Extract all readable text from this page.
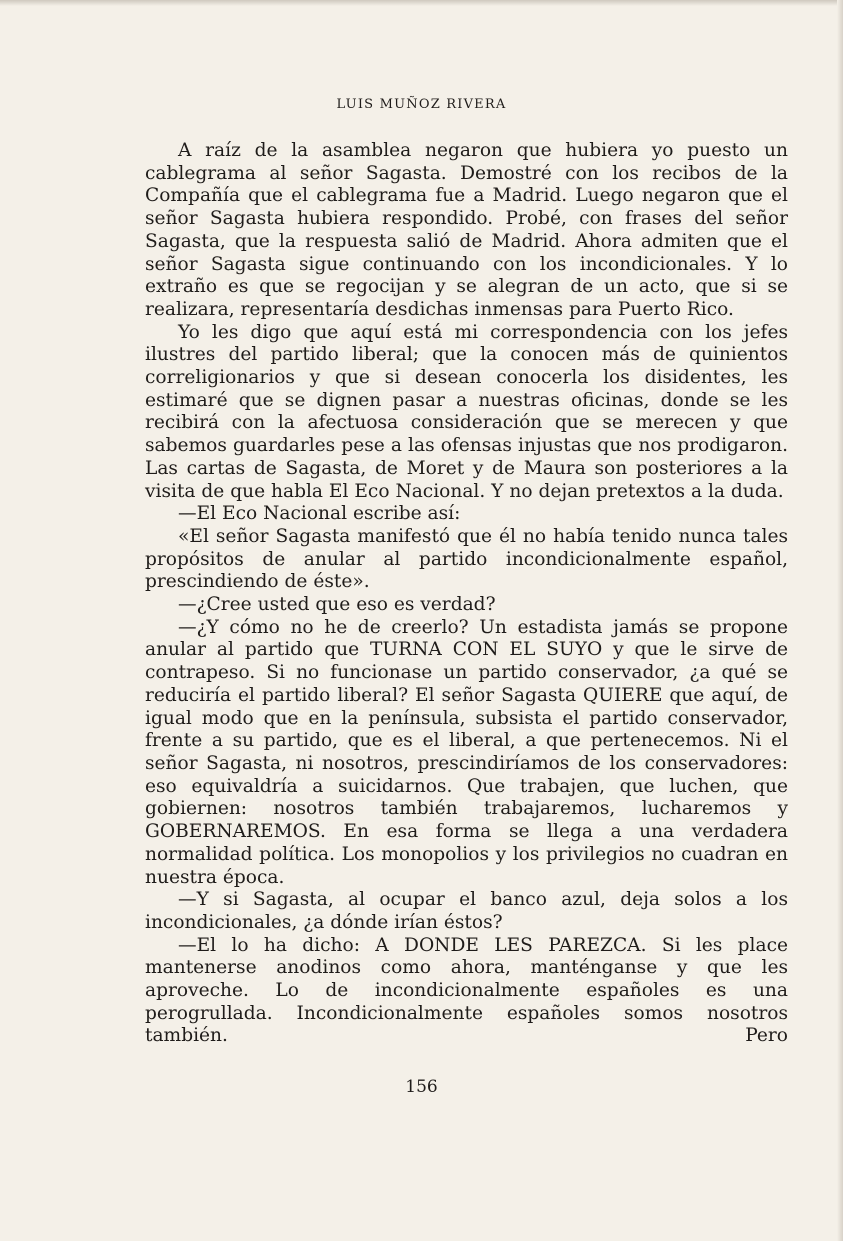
LUIS MUÑOZ RIVERA

A raíz de la asamblea negaron que hubiera yo puesto un cablegrama al señor Sagasta. Demostré con los recibos de la Compañía que el cablegrama fue a Madrid. Luego negaron que el señor Sagasta hubiera respondido. Probé, con frases del señor Sagasta, que la respuesta salió de Madrid. Ahora admiten que el señor Sagasta sigue continuando con los incondicionales. Y lo extraño es que se regocijan y se alegran de un acto, que si se realizara, representaría desdichas inmensas para Puerto Rico.

Yo les digo que aquí está mi correspondencia con los jefes ilustres del partido liberal; que la conocen más de quinientos correligionarios y que si desean conocerla los disidentes, les estimaré que se dignen pasar a nuestras oficinas, donde se les recibirá con la afectuosa consideración que se merecen y que sabemos guardarles pese a las ofensas injustas que nos prodigaron. Las cartas de Sagasta, de Moret y de Maura son posteriores a la visita de que habla El Eco Nacional. Y no dejan pretextos a la duda.

—El Eco Nacional escribe así:

«El señor Sagasta manifestó que él no había tenido nunca tales propósitos de anular al partido incondicionalmente español, prescindiendo de éste».

—¿Cree usted que eso es verdad?

—¿Y cómo no he de creerlo? Un estadista jamás se propone anular al partido que TURNA CON EL SUYO y que le sirve de contrapeso. Si no funcionase un partido conservador, ¿a qué se reduciría el partido liberal? El señor Sagasta QUIERE que aquí, de igual modo que en la península, subsista el partido conservador, frente a su partido, que es el liberal, a que pertenecemos. Ni el señor Sagasta, ni nosotros, prescindiríamos de los conservadores: eso equivaldría a suicidarnos. Que trabajen, que luchen, que gobiernen: nosotros también trabajaremos, lucharemos y GOBERNAREMOS. En esa forma se llega a una verdadera normalidad política. Los monopolios y los privilegios no cuadran en nuestra época.

—Y si Sagasta, al ocupar el banco azul, deja solos a los incondicionales, ¿a dónde irían éstos?

—El lo ha dicho: A DONDE LES PAREZCA. Si les place mantenerse anodinos como ahora, manténganse y que les aproveche. Lo de incondicionalmente españoles es una perogrullada. Incondicionalmente españoles somos nosotros también. Pero

156
